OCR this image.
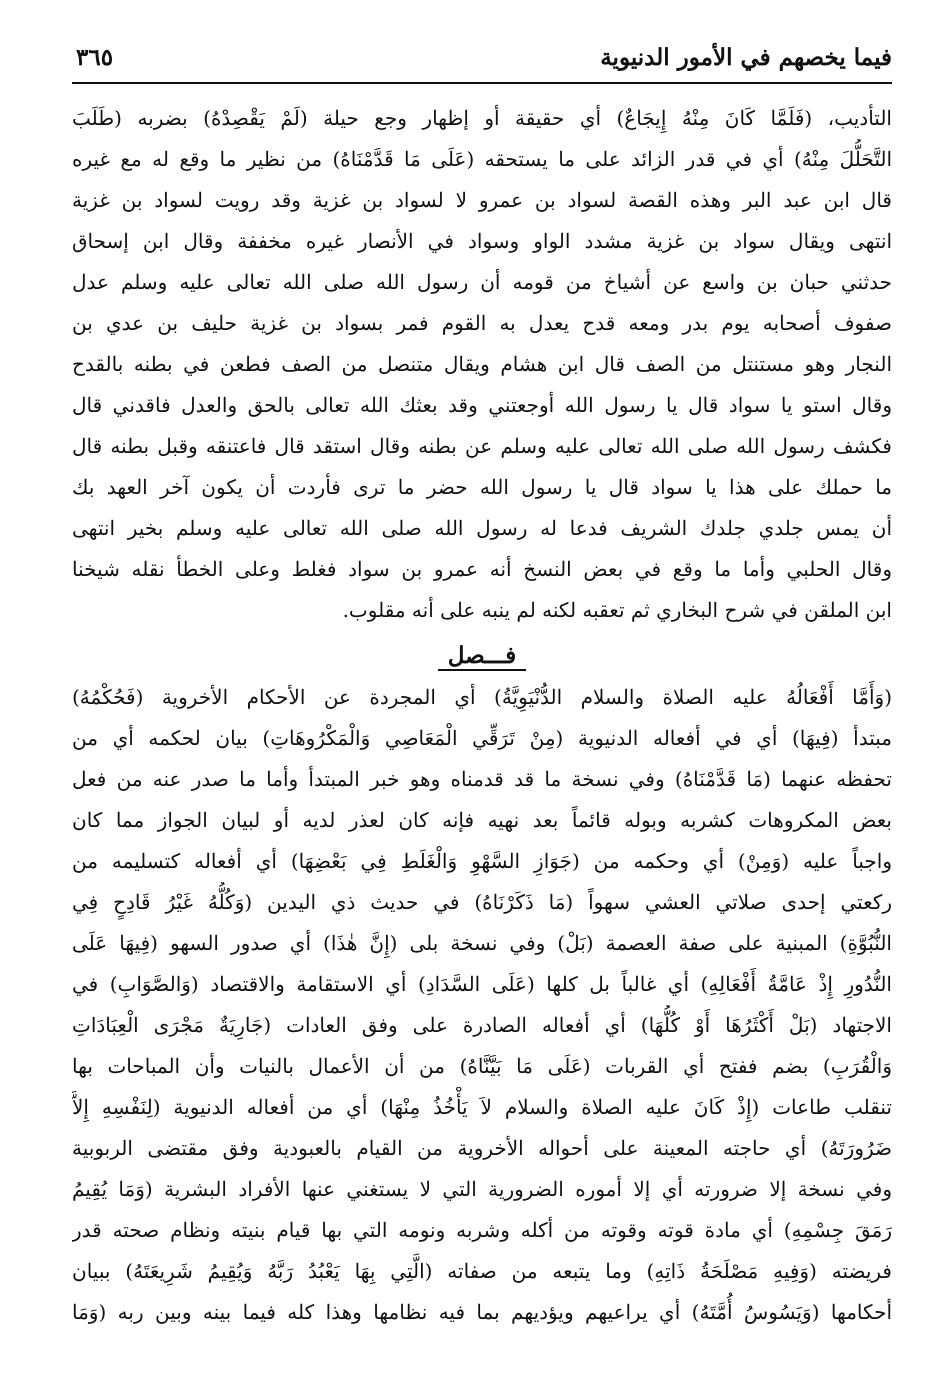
فيما يخصهم في الأمور الدنيوية
٣٦٥
التأديب، (فَلَمَّا كَانَ مِنْهُ إِيجَاعٌ) أي حقيقة أو إظهار وجع حيلة (لَمْ يَقْصِدْهُ) بضربه (طَلَبَ
التَّحَلُّلَ مِنْهُ) أي في قدر الزائد على ما يستحقه (عَلَى مَا قَدَّمْنَاهُ) من نظير ما وقع له مع غيره
قال ابن عبد البر وهذه القصة لسواد بن عمرو لا لسواد بن غزية وقد رويت لسواد بن غزية
انتهى ويقال سواد بن غزية مشدد الواو وسواد في الأنصار غيره مخففة وقال ابن إسحاق
حدثني حبان بن واسع عن أشياخ من قومه أن رسول الله صلى الله تعالى عليه وسلم عدل
صفوف أصحابه يوم بدر ومعه قدح يعدل به القوم فمر بسواد بن غزية حليف بن عدي بن
النجار وهو مستنتل من الصف قال ابن هشام ويقال متنصل من الصف فطعن في بطنه بالقدح
وقال استو يا سواد قال يا رسول الله أوجعتني وقد بعثك الله تعالى بالحق والعدل فاقدني قال
فكشف رسول الله صلى الله تعالى عليه وسلم عن بطنه وقال استقد قال فاعتنقه وقبل بطنه قال
ما حملك على هذا يا سواد قال يا رسول الله حضر ما ترى فأردت أن يكون آخر العهد بك
أن يمس جلدي جلدك الشريف فدعا له رسول الله صلى الله تعالى عليه وسلم بخير انتهى
وقال الحلبي وأما ما وقع في بعض النسخ أنه عمرو بن سواد فغلط وعلى الخطأ نقله شيخنا
ابن الملقن في شرح البخاري ثم تعقبه لكنه لم ينبه على أنه مقلوب.
فـــصل
(وَأَمَّا أَفْعَالُهُ عليه الصلاة والسلام الدُّنْيَوِيَّةُ) أي المجردة عن الأحكام الأخروية (فَحُكْمُهُ)
مبتدأ (فِيهَا) أي في أفعاله الدنيوية (مِنْ تَرَقِّي الْمَعَاصِي وَالْمَكْرُوهَاتِ) بيان لحكمه أي من
تحفظه عنهما (مَا قَدَّمْنَاهُ) وفي نسخة ما قد قدمناه وهو خبر المبتدأ وأما ما صدر عنه من فعل
بعض المكروهات كشربه وبوله قائماً بعد نهيه فإنه كان لعذر لديه أو لبيان الجواز مما كان
واجباً عليه (وَمِنْ) أي وحكمه من (جَوَازِ السَّهْوِ وَالْغَلَطِ فِي بَعْضِهَا) أي أفعاله كتسليمه من
ركعتي إحدى صلاتي العشي سهواً (مَا ذَكَرْنَاهُ) في حديث ذي اليدين (وَكُلُّهُ غَيْرُ قَادِحٍ فِي
النُّبُوَّةِ) المبنية على صفة العصمة (بَلْ) وفي نسخة بلى (إِنَّ هٰذَا) أي صدور السهو (فِيهَا عَلَى
النُّدُورِ إِذْ عَامَّةُ أَفْعَالِهِ) أي غالباً بل كلها (عَلَى السَّدَادِ) أي الاستقامة والاقتصاد (وَالصَّوَابِ) في
الاجتهاد (بَلْ أَكْثَرُهَا أَوْ كُلُّهَا) أي أفعاله الصادرة على وفق العادات (جَارِيَةٌ مَجْرَى الْعِبَادَاتِ
وَالْقُرَبِ) بضم ففتح أي القربات (عَلَى مَا بَيَّنَّاهُ) من أن الأعمال بالنيات وأن المباحات بها
تنقلب طاعات (إِذْ كَانَ عليه الصلاة والسلام لاَ يَأْخُذُ مِنْهَا) أي من أفعاله الدنيوية (لِنَفْسِهِ إِلاَّ
ضَرُورَتَهُ) أي حاجته المعينة على أحواله الأخروية من القيام بالعبودية وفق مقتضى الربوبية
وفي نسخة إلا ضرورته أي إلا أموره الضرورية التي لا يستغني عنها الأفراد البشرية (وَمَا يُقِيمُ
رَمَقَ جِسْمِهِ) أي مادة قوته وقوته من أكله وشربه ونومه التي بها قيام بنيته ونظام صحته قدر
فريضته (وَفِيهِ مَصْلَحَةُ ذَاتِهِ) وما يتبعه من صفاته (الَّتِي بِهَا يَعْبُدُ رَبَّهُ وَيُقِيمُ شَرِيعَتَهُ) ببيان
أحكامها (وَيَسُوسُ أُمَّتَهُ) أي يراعيهم ويؤديهم بما فيه نظامها وهذا كله فيما بينه وبين ربه (وَمَا
